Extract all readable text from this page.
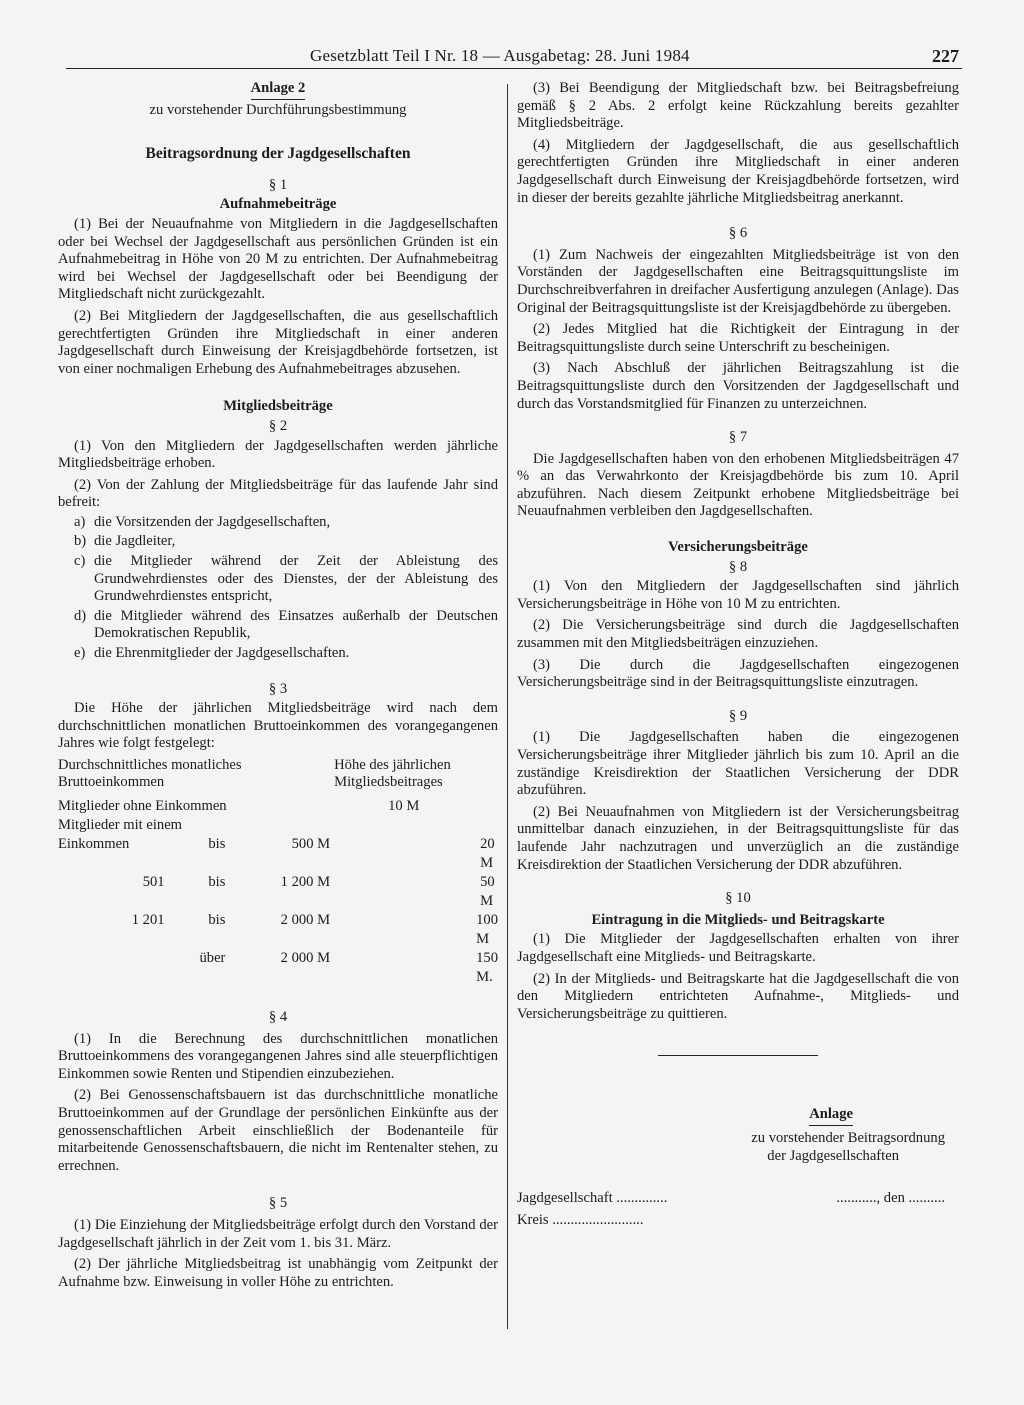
Gesetzblatt Teil I Nr. 18 — Ausgabetag: 28. Juni 1984	227
Anlage 2
zu vorstehender Durchführungsbestimmung
Beitragsordnung der Jagdgesellschaften
§ 1
Aufnahmebeiträge

(1) Bei der Neuaufnahme von Mitgliedern in die Jagdgesellschaften oder bei Wechsel der Jagdgesellschaft aus persönlichen Gründen ist ein Aufnahmebeitrag in Höhe von 20 M zu entrichten. Der Aufnahmebeitrag wird bei Wechsel der Jagdgesellschaft oder bei Beendigung der Mitgliedschaft nicht zurückgezahlt.

(2) Bei Mitgliedern der Jagdgesellschaften, die aus gesellschaftlich gerechtfertigten Gründen ihre Mitgliedschaft in einer anderen Jagdgesellschaft durch Einweisung der Kreisjagdbehörde fortsetzen, ist von einer nochmaligen Erhebung des Aufnahmebeitrages abzusehen.

Mitgliedsbeiträge
§ 2

(1) Von den Mitgliedern der Jagdgesellschaften werden jährliche Mitgliedsbeiträge erhoben.

(2) Von der Zahlung der Mitgliedsbeiträge für das laufende Jahr sind befreit:

a) die Vorsitzenden der Jagdgesellschaften,
b) die Jagdleiter,
c) die Mitglieder während der Zeit der Ableistung des Grundwehrdienstes oder des Dienstes, der der Ableistung des Grundwehrdienstes entspricht,
d) die Mitglieder während des Einsatzes außerhalb der Deutschen Demokratischen Republik,
e) die Ehrenmitglieder der Jagdgesellschaften.
§ 3

Die Höhe der jährlichen Mitgliedsbeiträge wird nach dem durchschnittlichen monatlichen Bruttoeinkommen des vorangegangenen Jahres wie folgt festgelegt:

Durchschnittliches monatliches Bruttoeinkommen			Höhe des jährlichen Mitgliedsbeitrages

Mitglieder ohne Einkommen			10 M
Mitglieder mit einem			
Einkommen	bis	500 M	20 M
501	bis	1 200 M	50 M
1 201	bis	2 000 M	100 M
	über	2 000 M	150 M.
§ 4

(1) In die Berechnung des durchschnittlichen monatlichen Bruttoeinkommens des vorangegangenen Jahres sind alle steuerpflichtigen Einkommen sowie Renten und Stipendien einzubeziehen.

(2) Bei Genossenschaftsbauern ist das durchschnittliche monatliche Bruttoeinkommen auf der Grundlage der persönlichen Einkünfte aus der genossenschaftlichen Arbeit einschließlich der Bodenanteile für mitarbeitende Genossenschaftsbauern, die nicht im Rentenalter stehen, zu errechnen.

§ 5

(1) Die Einziehung der Mitgliedsbeiträge erfolgt durch den Vorstand der Jagdgesellschaft jährlich in der Zeit vom 1. bis 31. März.

(2) Der jährliche Mitgliedsbeitrag ist unabhängig vom Zeitpunkt der Aufnahme bzw. Einweisung in voller Höhe zu entrichten.

(3) Bei Beendigung der Mitgliedschaft bzw. bei Beitragsbefreiung gemäß § 2 Abs. 2 erfolgt keine Rückzahlung bereits gezahlter Mitgliedsbeiträge.

(4) Mitgliedern der Jagdgesellschaft, die aus gesellschaftlich gerechtfertigten Gründen ihre Mitgliedschaft in einer anderen Jagdgesellschaft durch Einweisung der Kreisjagdbehörde fortsetzen, wird in dieser der bereits gezahlte jährliche Mitgliedsbeitrag anerkannt.

§ 6

(1) Zum Nachweis der eingezahlten Mitgliedsbeiträge ist von den Vorständen der Jagdgesellschaften eine Beitragsquittungsliste im Durchschreibverfahren in dreifacher Ausfertigung anzulegen (Anlage). Das Original der Beitragsquittungsliste ist der Kreisjagdbehörde zu übergeben.

(2) Jedes Mitglied hat die Richtigkeit der Eintragung in der Beitragsquittungsliste durch seine Unterschrift zu bescheinigen.

(3) Nach Abschluß der jährlichen Beitragszahlung ist die Beitragsquittungsliste durch den Vorsitzenden der Jagdgesellschaft und durch das Vorstandsmitglied für Finanzen zu unterzeichnen.

§ 7

Die Jagdgesellschaften haben von den erhobenen Mitgliedsbeiträgen 47 % an das Verwahrkonto der Kreisjagdbehörde bis zum 10. April abzuführen. Nach diesem Zeitpunkt erhobene Mitgliedsbeiträge bei Neuaufnahmen verbleiben den Jagdgesellschaften.

Versicherungsbeiträge
§ 8

(1) Von den Mitgliedern der Jagdgesellschaften sind jährlich Versicherungsbeiträge in Höhe von 10 M zu entrichten.

(2) Die Versicherungsbeiträge sind durch die Jagdgesellschaften zusammen mit den Mitgliedsbeiträgen einzuziehen.

(3) Die durch die Jagdgesellschaften eingezogenen Versicherungsbeiträge sind in der Beitragsquittungsliste einzutragen.

§ 9

(1) Die Jagdgesellschaften haben die eingezogenen Versicherungsbeiträge ihrer Mitglieder jährlich bis zum 10. April an die zuständige Kreisdirektion der Staatlichen Versicherung der DDR abzuführen.

(2) Bei Neuaufnahmen von Mitgliedern ist der Versicherungsbeitrag unmittelbar danach einzuziehen, in der Beitragsquittungsliste für das laufende Jahr nachzutragen und unverzüglich an die zuständige Kreisdirektion der Staatlichen Versicherung der DDR abzuführen.

§ 10
Eintragung in die Mitglieds- und Beitragskarte

(1) Die Mitglieder der Jagdgesellschaften erhalten von ihrer Jagdgesellschaft eine Mitglieds- und Beitragskarte.

(2) In der Mitglieds- und Beitragskarte hat die Jagdgesellschaft die von den Mitgliedern entrichteten Aufnahme-, Mitglieds- und Versicherungsbeiträge zu quittieren.

Anlage
zu vorstehender Beitragsordnung
der Jagdgesellschaften
Jagdgesellschaft ..............	..........., den ..........
Kreis .........................
